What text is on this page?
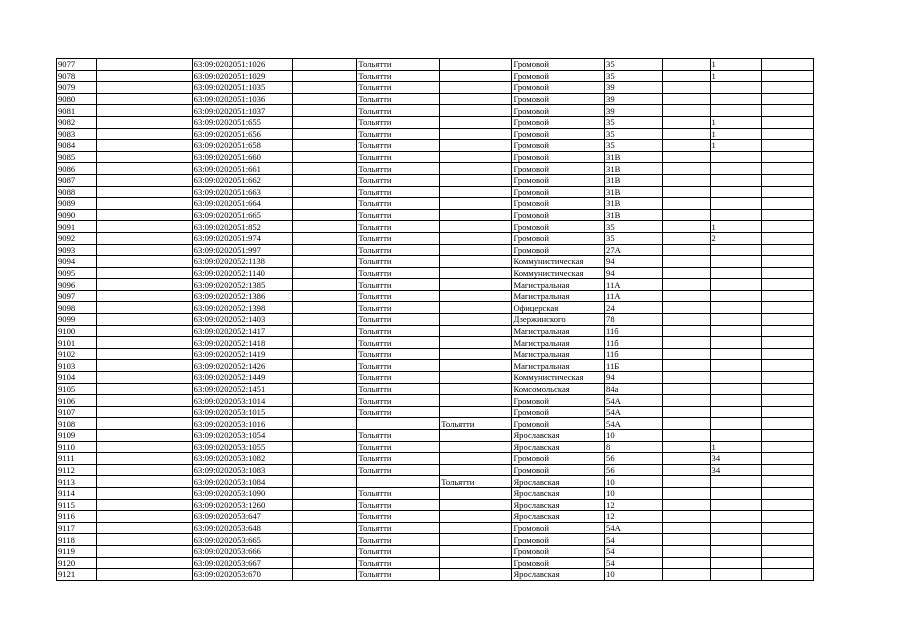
9077		63:09:0202051:1026		Тольятти		Громовой	35		1	
9078		63:09:0202051:1029		Тольятти		Громовой	35		1	
9079		63:09:0202051:1035		Тольятти		Громовой	39			
9080		63:09:0202051:1036		Тольятти		Громовой	39			
9081		63:09:0202051:1037		Тольятти		Громовой	39			
9082		63:09:0202051:655		Тольятти		Громовой	35		1	
9083		63:09:0202051:656		Тольятти		Громовой	35		1	
9084		63:09:0202051:658		Тольятти		Громовой	35		1	
9085		63:09:0202051:660		Тольятти		Громовой	31В			
9086		63:09:0202051:661		Тольятти		Громовой	31В			
9087		63:09:0202051:662		Тольятти		Громовой	31В			
9088		63:09:0202051:663		Тольятти		Громовой	31В			
9089		63:09:0202051:664		Тольятти		Громовой	31В			
9090		63:09:0202051:665		Тольятти		Громовой	31В			
9091		63:09:0202051:852		Тольятти		Громовой	35		1	
9092		63:09:0202051:974		Тольятти		Громовой	35		2	
9093		63:09:0202051:997		Тольятти		Громовой	27А			
9094		63:09:0202052:1138		Тольятти		Коммунистическая	94			
9095		63:09:0202052:1140		Тольятти		Коммунистическая	94			
9096		63:09:0202052:1385		Тольятти		Магистральная	11А			
9097		63:09:0202052:1386		Тольятти		Магистральная	11А			
9098		63:09:0202052:1398		Тольятти		Офицерская	24			
9099		63:09:0202052:1403		Тольятти		Дзержинского	78			
9100		63:09:0202052:1417		Тольятти		Магистральная	11б			
9101		63:09:0202052:1418		Тольятти		Магистральная	11б			
9102		63:09:0202052:1419		Тольятти		Магистральная	11б			
9103		63:09:0202052:1426		Тольятти		Магистральная	11Б			
9104		63:09:0202052:1449		Тольятти		Коммунистическая	94			
9105		63:09:0202052:1451		Тольятти		Комсомольская	84а			
9106		63:09:0202053:1014		Тольятти		Громовой	54А			
9107		63:09:0202053:1015		Тольятти		Громовой	54А			
9108		63:09:0202053:1016			Тольятти	Громовой	54А			
9109		63:09:0202053:1054		Тольятти		Ярославская	10			
9110		63:09:0202053:1055		Тольятти		Ярославская	8		1	
9111		63:09:0202053:1082		Тольятти		Громовой	56		34	
9112		63:09:0202053:1083		Тольятти		Громовой	56		34	
9113		63:09:0202053:1084			Тольятти	Ярославская	10			
9114		63:09:0202053:1090		Тольятти		Ярославская	10			
9115		63:09:0202053:1260		Тольятти		Ярославская	12			
9116		63:09:0202053:647		Тольятти		Ярославская	12			
9117		63:09:0202053:648		Тольятти		Громовой	54А			
9118		63:09:0202053:665		Тольятти		Громовой	54			
9119		63:09:0202053:666		Тольятти		Громовой	54			
9120		63:09:0202053:667		Тольятти		Громовой	54			
9121		63:09:0202053:670		Тольятти		Ярославская	10			
